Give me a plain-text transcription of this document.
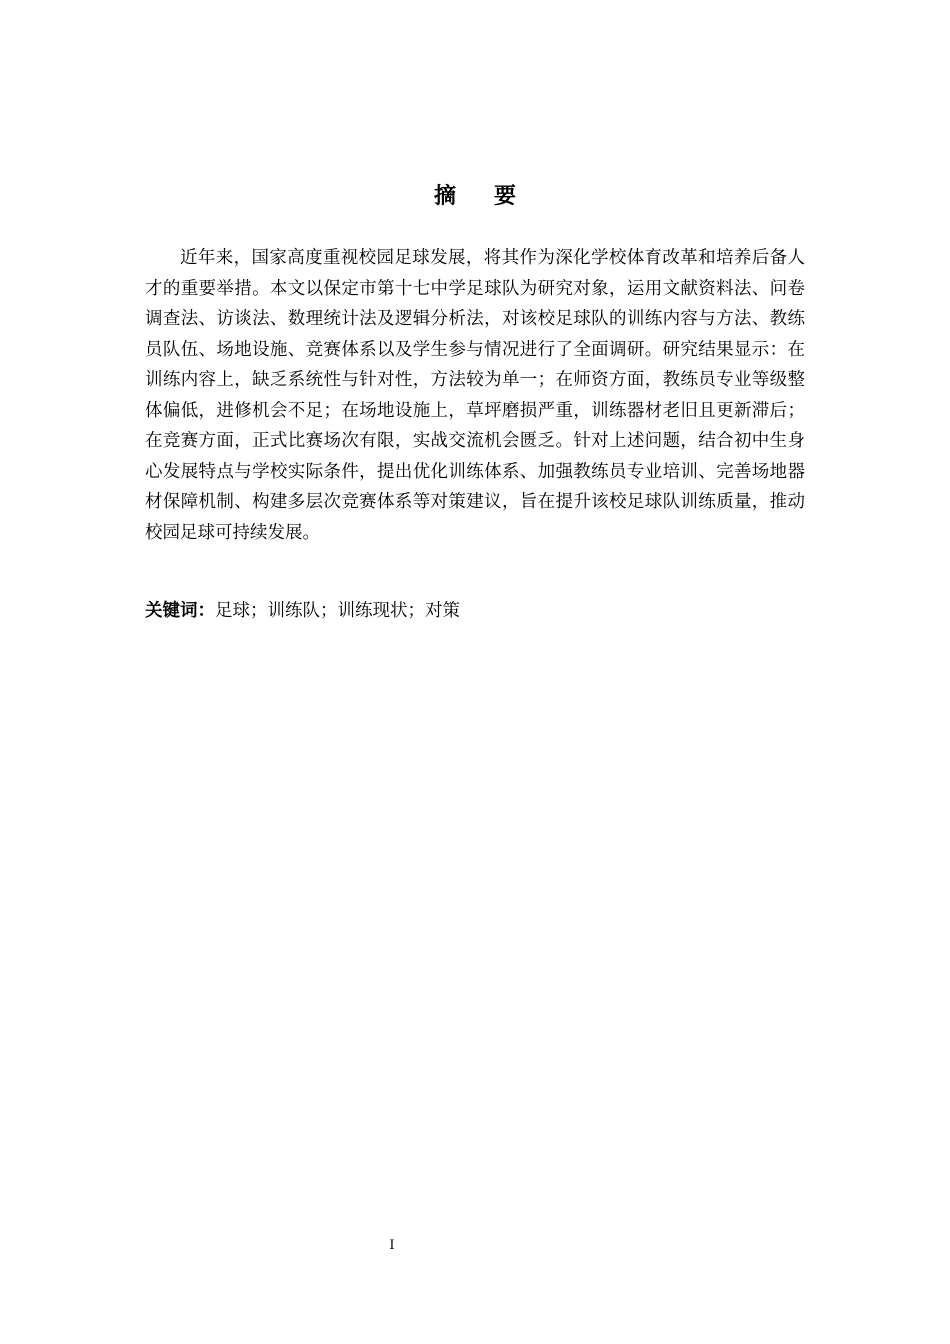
摘要

近年来，国家高度重视校园足球发展，将其作为深化学校体育改革和培养后备人才的重要举措。本文以保定市第十七中学足球队为研究对象，运用文献资料法、问卷调查法、访谈法、数理统计法及逻辑分析法，对该校足球队的训练内容与方法、教练员队伍、场地设施、竞赛体系以及学生参与情况进行了全面调研。研究结果显示：在训练内容上，缺乏系统性与针对性，方法较为单一；在师资方面，教练员专业等级整体偏低，进修机会不足；在场地设施上，草坪磨损严重，训练器材老旧且更新滞后；在竞赛方面，正式比赛场次有限，实战交流机会匮乏。针对上述问题，结合初中生身心发展特点与学校实际条件，提出优化训练体系、加强教练员专业培训、完善场地器材保障机制、构建多层次竞赛体系等对策建议，旨在提升该校足球队训练质量，推动校园足球可持续发展。

关键词：足球；训练队；训练现状；对策

I
